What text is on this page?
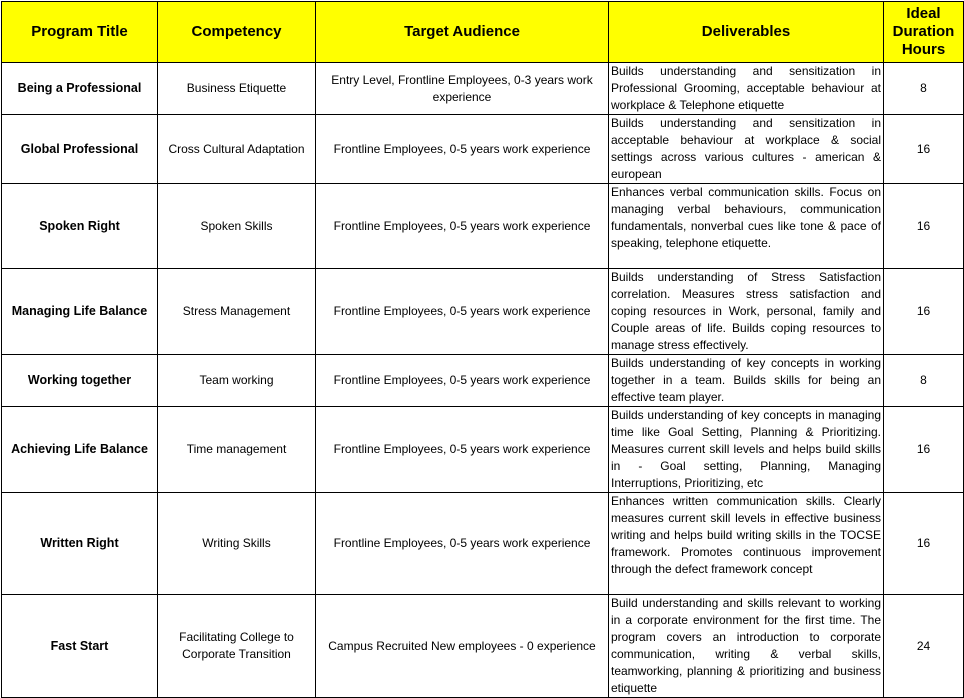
Program Title	Competency	Target Audience	Deliverables	Ideal Duration Hours
Being a Professional	Business Etiquette	Entry Level, Frontline Employees, 0-3 years work experience	Builds understanding and sensitization in Professional Grooming, acceptable behaviour at workplace & Telephone etiquette	8
Global Professional	Cross Cultural Adaptation	Frontline Employees, 0-5 years work experience	Builds understanding and sensitization in acceptable behaviour at workplace & social settings across various cultures - american & european	16
Spoken Right	Spoken Skills	Frontline Employees, 0-5 years work experience	Enhances verbal communication skills. Focus on managing verbal behaviours, communication fundamentals, nonverbal cues like tone & pace of speaking, telephone etiquette.	16
Managing Life Balance	Stress Management	Frontline Employees, 0-5 years work experience	Builds understanding of Stress Satisfaction correlation. Measures stress satisfaction and coping resources in Work, personal, family and Couple areas of life. Builds coping resources to manage stress effectively.	16
Working together	Team working	Frontline Employees, 0-5 years work experience	Builds understanding of key concepts in working together in a team. Builds skills for being an effective team player.	8
Achieving Life Balance	Time management	Frontline Employees, 0-5 years work experience	Builds understanding of key concepts in managing time like Goal Setting, Planning & Prioritizing. Measures current skill levels and helps build skills in - Goal setting, Planning, Managing Interruptions, Prioritizing, etc	16
Written Right	Writing Skills	Frontline Employees, 0-5 years work experience	Enhances written communication skills. Clearly measures current skill levels in effective business writing and helps build writing skills in the TOCSE framework. Promotes continuous improvement through the defect framework concept	16
Fast Start	Facilitating College to Corporate Transition	Campus Recruited New employees - 0 experience	Build understanding and skills relevant to working in a corporate environment for the first time. The program covers an introduction to corporate communication, writing & verbal skills, teamworking, planning & prioritizing and business etiquette	24
